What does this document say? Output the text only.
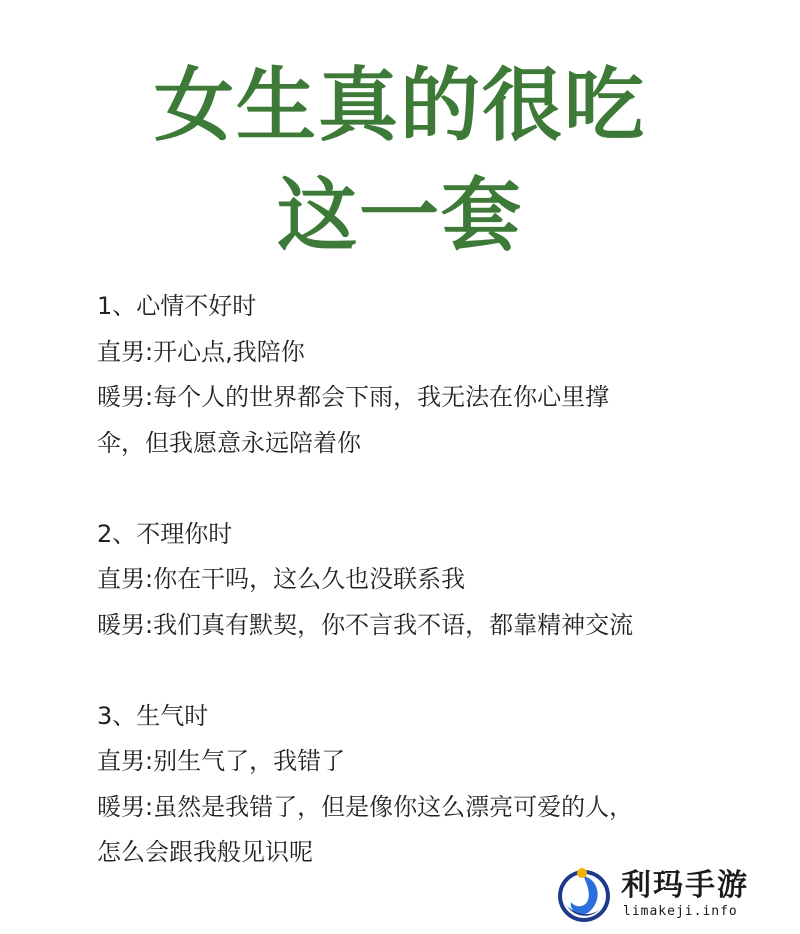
女生真的很吃
这一套
1、心情不好时
直男:开心点,我陪你
暖男:每个人的世界都会下雨，我无法在你心里撑
伞，但我愿意永远陪着你
2、不理你时
直男:你在干吗，这么久也没联系我
暖男:我们真有默契，你不言我不语，都靠精神交流
3、生气时
直男:别生气了，我错了
暖男:虽然是我错了，但是像你这么漂亮可爱的人，
怎么会跟我般见识呢
利玛手游
limakeji.info
